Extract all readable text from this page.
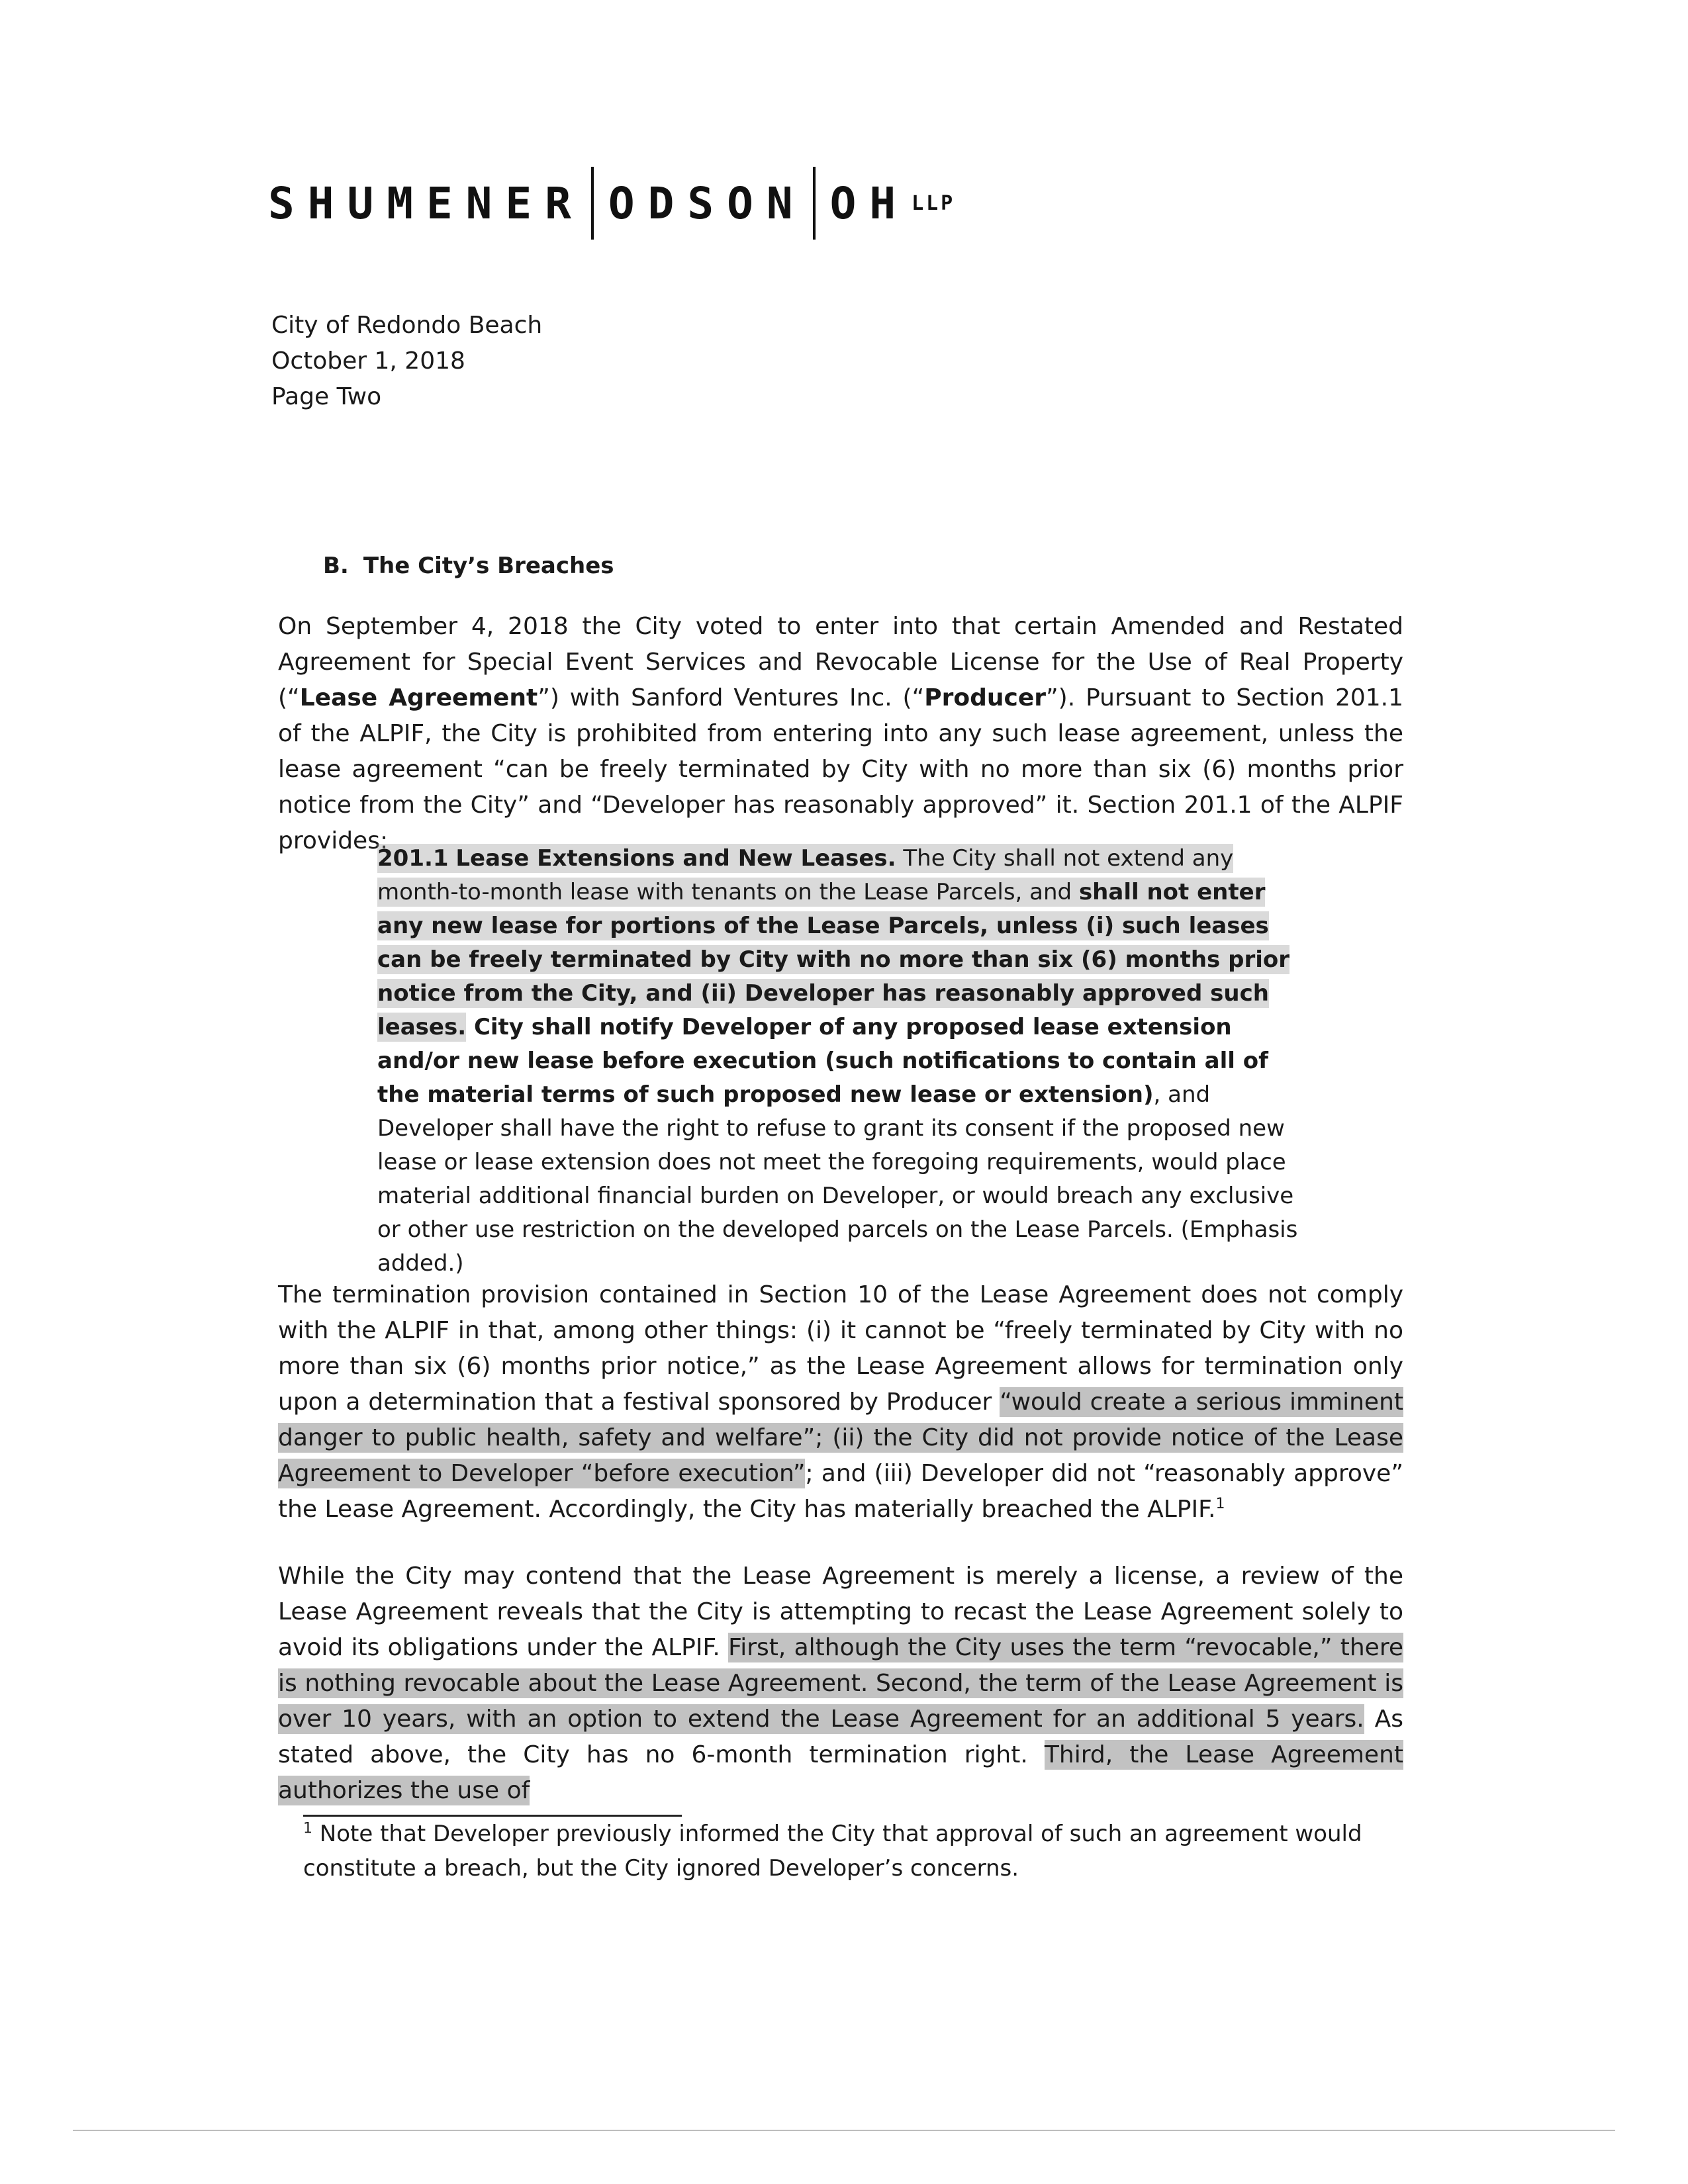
SHUMENER ODSON OH LLP
City of Redondo Beach
October 1, 2018
Page Two
B. The City’s Breaches
On September 4, 2018 the City voted to enter into that certain Amended and Restated Agreement for Special Event Services and Revocable License for the Use of Real Property (“Lease Agreement”) with Sanford Ventures Inc. (“Producer”). Pursuant to Section 201.1 of the ALPIF, the City is prohibited from entering into any such lease agreement, unless the lease agreement “can be freely terminated by City with no more than six (6) months prior notice from the City” and “Developer has reasonably approved” it. Section 201.1 of the ALPIF provides:
201.1 Lease Extensions and New Leases. The City shall not extend any month-to-month lease with tenants on the Lease Parcels, and shall not enter any new lease for portions of the Lease Parcels, unless (i) such leases can be freely terminated by City with no more than six (6) months prior notice from the City, and (ii) Developer has reasonably approved such leases. City shall notify Developer of any proposed lease extension and/or new lease before execution (such notifications to contain all of the material terms of such proposed new lease or extension), and Developer shall have the right to refuse to grant its consent if the proposed new lease or lease extension does not meet the foregoing requirements, would place material additional financial burden on Developer, or would breach any exclusive or other use restriction on the developed parcels on the Lease Parcels. (Emphasis added.)
The termination provision contained in Section 10 of the Lease Agreement does not comply with the ALPIF in that, among other things: (i) it cannot be “freely terminated by City with no more than six (6) months prior notice,” as the Lease Agreement allows for termination only upon a determination that a festival sponsored by Producer “would create a serious imminent danger to public health, safety and welfare”; (ii) the City did not provide notice of the Lease Agreement to Developer “before execution”; and (iii) Developer did not “reasonably approve” the Lease Agreement. Accordingly, the City has materially breached the ALPIF.$^1$
While the City may contend that the Lease Agreement is merely a license, a review of the Lease Agreement reveals that the City is attempting to recast the Lease Agreement solely to avoid its obligations under the ALPIF. First, although the City uses the term “revocable,” there is nothing revocable about the Lease Agreement. Second, the term of the Lease Agreement is over 10 years, with an option to extend the Lease Agreement for an additional 5 years. As stated above, the City has no 6-month termination right. Third, the Lease Agreement authorizes the use of
$^1$ Note that Developer previously informed the City that approval of such an agreement would constitute a breach, but the City ignored Developer’s concerns.
